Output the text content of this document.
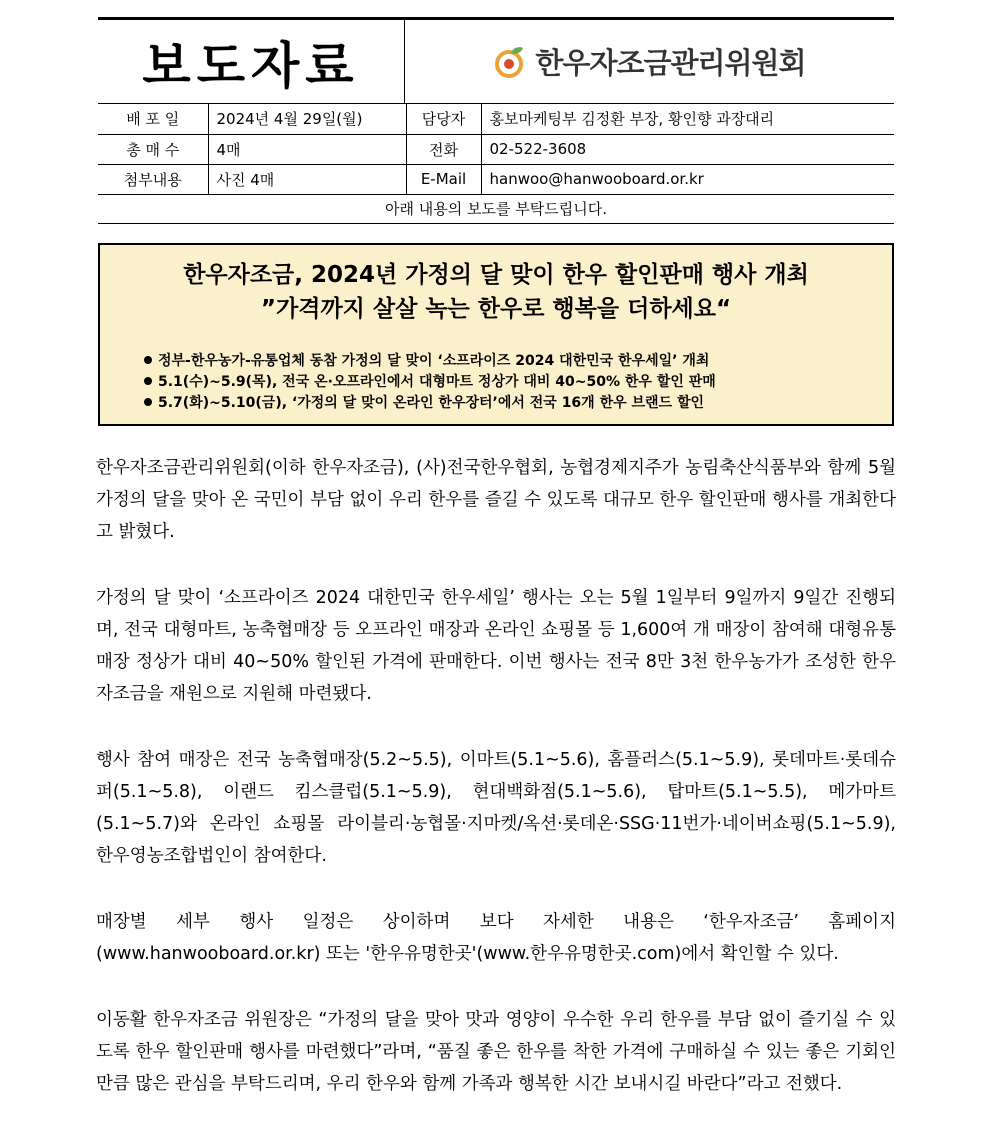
보도자료	한우자조금관리위원회
배 포 일	2024년 4월 29일(월)	담당자	홍보마케팅부 김정환 부장, 황인향 과장대리
총 매 수	4매	전화	02-522-3608
첨부내용	사진 4매	E-Mail	hanwoo@hanwooboard.or.kr
아래 내용의 보도를 부탁드립니다.
한우자조금, 2024년 가정의 달 맞이 한우 할인판매 행사 개최
”가격까지 살살 녹는 한우로 행복을 더하세요“
정부-한우농가-유통업체 동참 가정의 달 맞이 ‘소프라이즈 2024 대한민국 한우세일’ 개최
5.1(수)~5.9(목), 전국 온·오프라인에서 대형마트 정상가 대비 40~50% 한우 할인 판매
5.7(화)~5.10(금), ‘가정의 달 맞이 온라인 한우장터’에서 전국 16개 한우 브랜드 할인

한우자조금관리위원회(이하 한우자조금), (사)전국한우협회, 농협경제지주가 농림축산식품부와 함께 5월 가정의 달을 맞아 온 국민이 부담 없이 우리 한우를 즐길 수 있도록 대규모 한우 할인판매 행사를 개최한다고 밝혔다.

가정의 달 맞이 ‘소프라이즈 2024 대한민국 한우세일’ 행사는 오는 5월 1일부터 9일까지 9일간 진행되며, 전국 대형마트, 농축협매장 등 오프라인 매장과 온라인 쇼핑몰 등 1,600여 개 매장이 참여해 대형유통매장 정상가 대비 40~50% 할인된 가격에 판매한다. 이번 행사는 전국 8만 3천 한우농가가 조성한 한우자조금을 재원으로 지원해 마련됐다.

행사 참여 매장은 전국 농축협매장(5.2~5.5), 이마트(5.1~5.6), 홈플러스(5.1~5.9), 롯데마트·롯데슈퍼(5.1~5.8), 이랜드 킴스클럽(5.1~5.9), 현대백화점(5.1~5.6), 탑마트(5.1~5.5), 메가마트(5.1~5.7)와 온라인 쇼핑몰 라이블리·농협몰·지마켓/옥션·롯데온·SSG·11번가·네이버쇼핑(5.1~5.9), 한우영농조합법인이 참여한다.

매장별 세부 행사 일정은 상이하며 보다 자세한 내용은 ‘한우자조금’ 홈페이지(www.hanwooboard.or.kr) 또는 '한우유명한곳'(www.한우유명한곳.com)에서 확인할 수 있다.

이동활 한우자조금 위원장은 “가정의 달을 맞아 맛과 영양이 우수한 우리 한우를 부담 없이 즐기실 수 있도록 한우 할인판매 행사를 마련했다”라며, “품질 좋은 한우를 착한 가격에 구매하실 수 있는 좋은 기회인 만큼 많은 관심을 부탁드리며, 우리 한우와 함께 가족과 행복한 시간 보내시길 바란다”라고 전했다.
